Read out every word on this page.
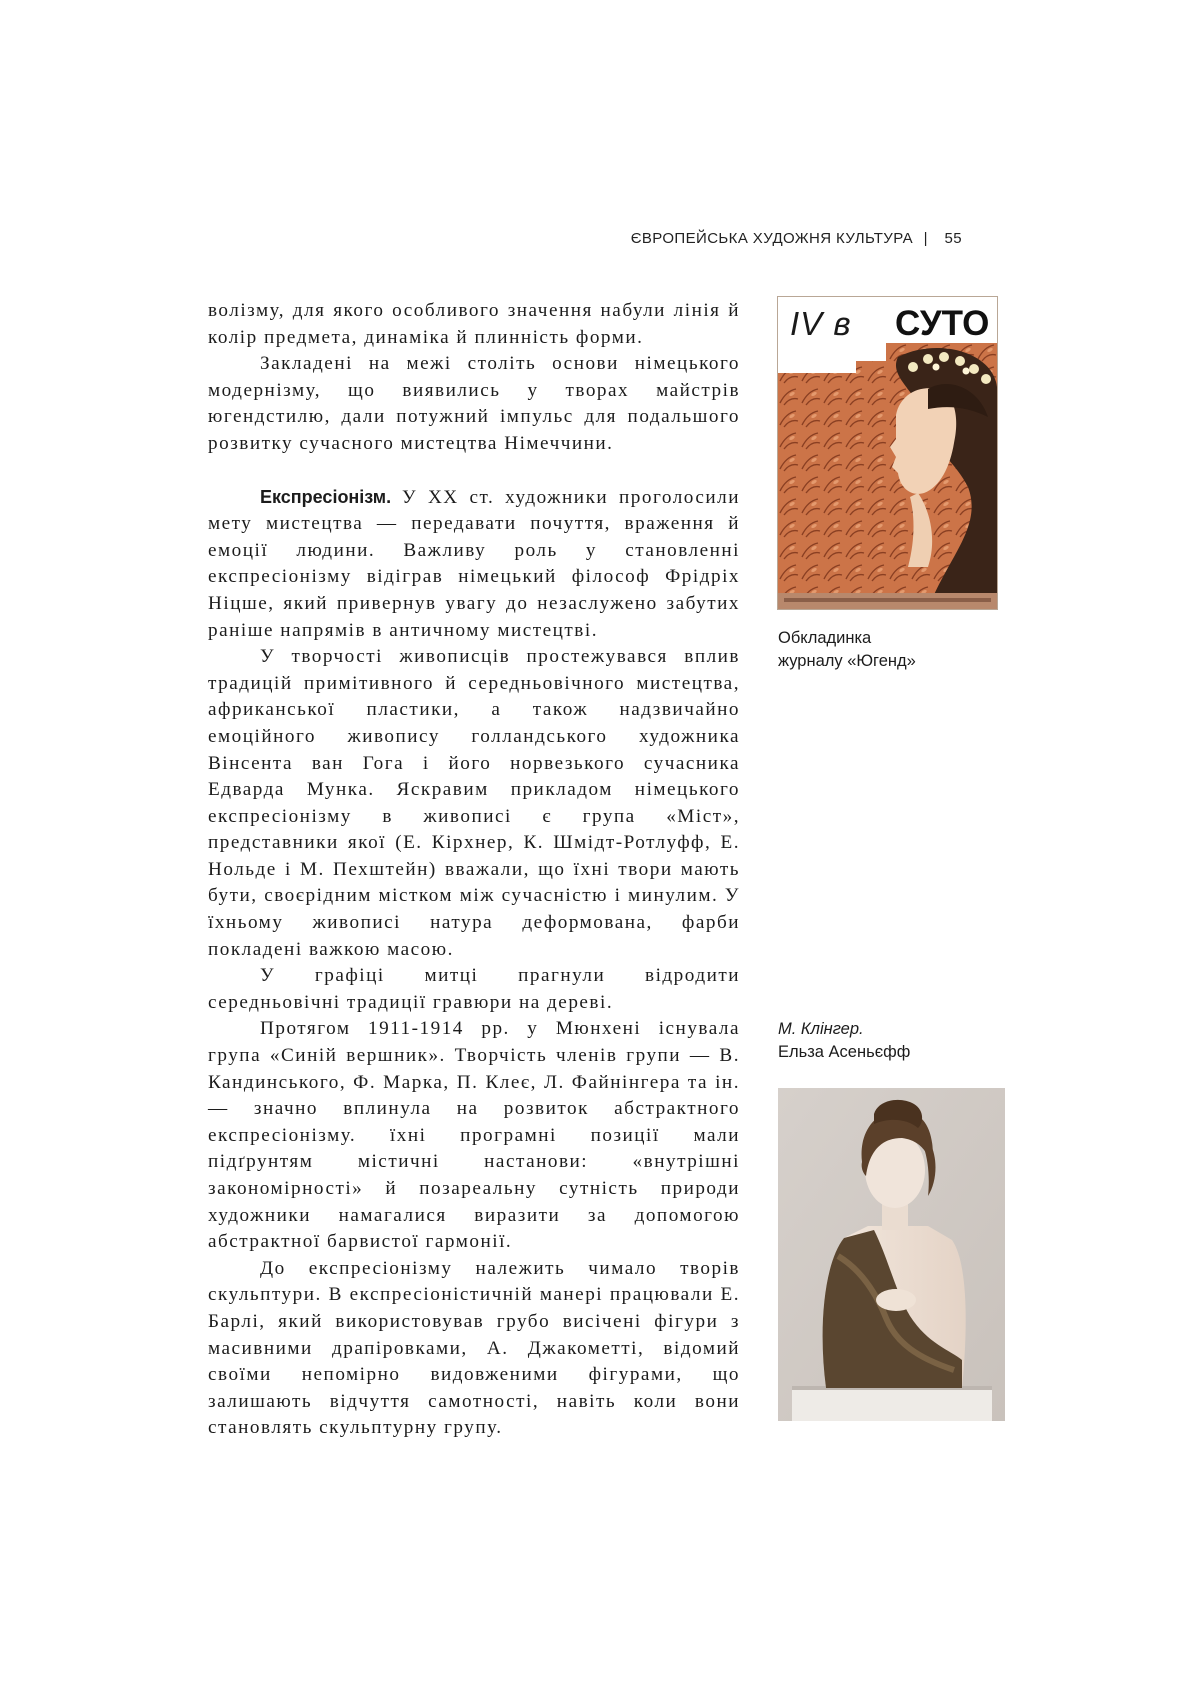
ЄВРОПЕЙСЬКА ХУДОЖНЯ КУЛЬТУРА | 55

волізму, для якого особливого значення набули лінія й колір предмета, динаміка й плинність форми.

Закладені на межі століть основи німецького модернізму, що виявились у творах майстрів югендстилю, дали потужний імпульс для подальшого розвитку сучасного мистецтва Німеччини.

Експресіонізм. У XX ст. художники проголосили мету мистецтва — передавати почуття, враження й емоції людини. Важливу роль у становленні експресіонізму відіграв німецький філософ Фрідріх Ніцше, який привернув увагу до незаслужено забутих раніше напрямів в античному мистецтві.

У творчості живописців простежувався вплив традицій примітивного й середньовічного мистецтва, африканської пластики, а також надзвичайно емоційного живопису голландського художника Вінсента ван Гога і його норвезького сучасника Едварда Мунка. Яскравим прикладом німецького експресіонізму в живописі є група «Міст», представники якої (Е. Кірхнер, К. Шмідт-Ротлуфф, Е. Нольде і М. Пехштейн) вважали, що їхні твори мають бути, своєрідним містком між сучасністю і минулим. У їхньому живописі натура деформована, фарби покладені важкою масою.

У графіці митці прагнули відродити середньовічні традиції гравюри на дереві.

Протягом 1911-1914 рр. у Мюнхені існувала група «Синій вершник». Творчість членів групи — В. Кандинського, Ф. Марка, П. Клеє, Л. Файнінгера та ін.— значно вплинула на розвиток абстрактного експресіонізму. їхні програмні позиції мали підґрунтям містичні настанови: «внутрішні закономірності» й позареальну сутність природи художники намагалися виразити за допомогою абстрактної барвистої гармонії.

До експресіонізму належить чимало творів скульптури. В експресіоністичній манері працювали Е. Барлі, який використовував грубо висічені фігури з масивними драпіровками, А. Джакометті, відомий своїми непомірно видовженими фігурами, що залишають відчуття самотності, навіть коли вони становлять скульптурну групу.

IV в СУТО
Обкладинка
журналу «Югенд»
М. Клінгер.
Ельза Асеньєфф
